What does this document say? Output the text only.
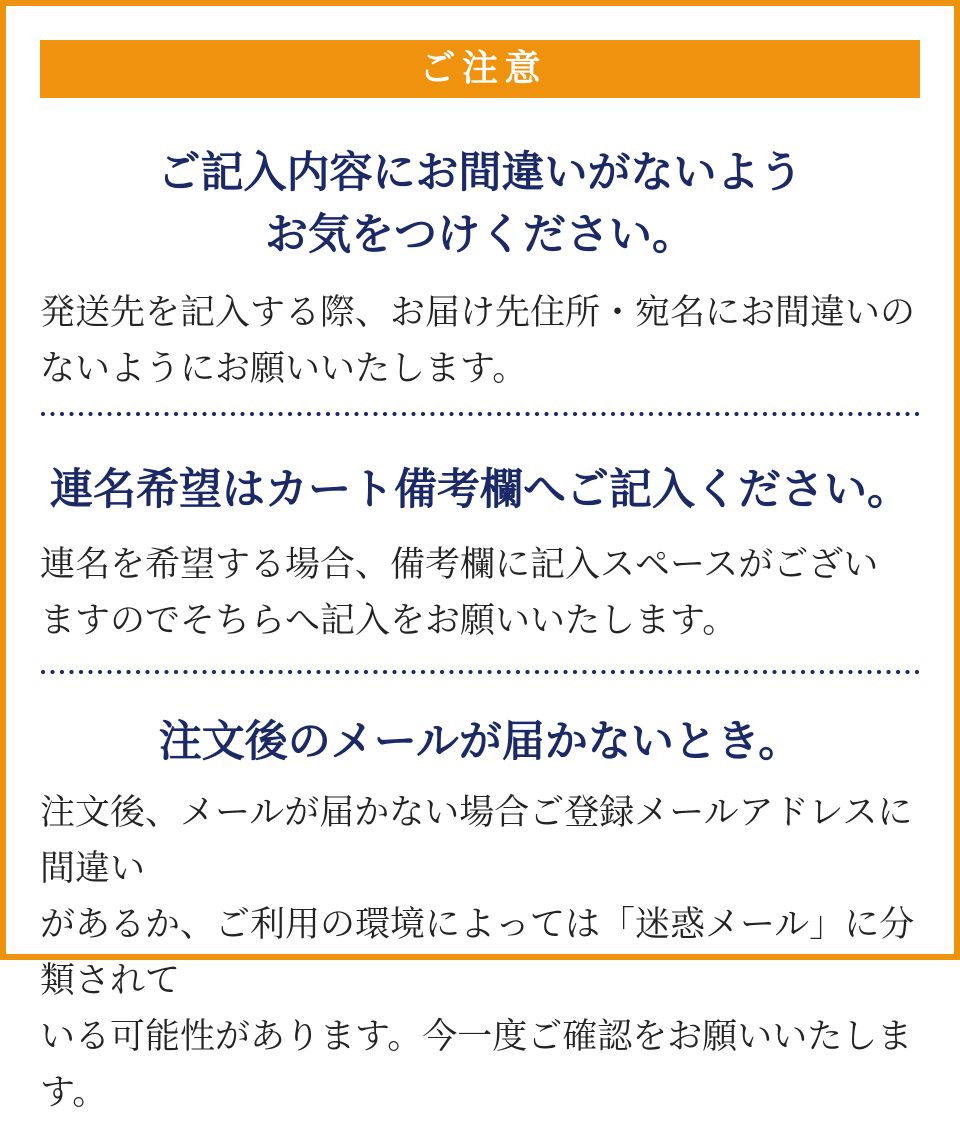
ご注意
ご記入内容にお間違いがないよう
お気をつけください。

発送先を記入する際、お届け先住所・宛名にお間違いの
ないようにお願いいたします。

連名希望はカート備考欄へご記入ください。

連名を希望する場合、備考欄に記入スペースがござい
ますのでそちらへ記入をお願いいたします。

注文後のメールが届かないとき。

注文後、メールが届かない場合ご登録メールアドレスに間違い
があるか、ご利用の環境によっては「迷惑メール」に分類されて
いる可能性があります。今一度ご確認をお願いいたします。
